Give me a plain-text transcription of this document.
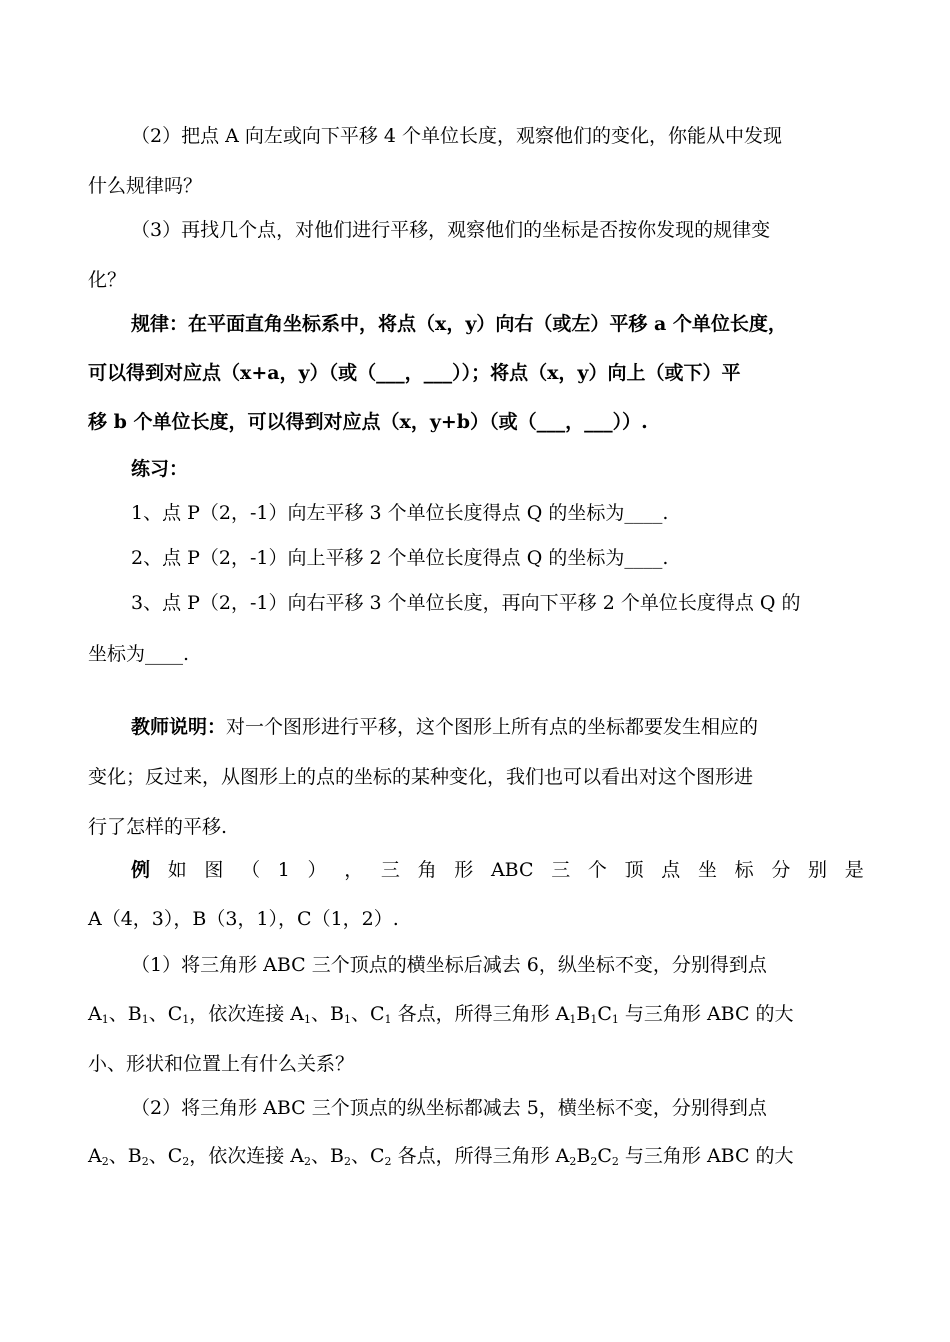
（2）把点 A 向左或向下平移 4 个单位长度，观察他们的变化，你能从中发现
什么规律吗？
（3）再找几个点，对他们进行平移，观察他们的坐标是否按你发现的规律变
化？
规律：在平面直角坐标系中，将点（x，y）向右（或左）平移 a 个单位长度，
可以得到对应点（x+a，y）（或（___，___））；将点（x，y）向上（或下）平
移 b 个单位长度，可以得到对应点（x，y+b）（或（___，___））.
练习：
1、点 P（2，-1）向左平移 3 个单位长度得点 Q 的坐标为____.
2、点 P（2，-1）向上平移 2 个单位长度得点 Q 的坐标为____.
3、点 P（2，-1）向右平移 3 个单位长度，再向下平移 2 个单位长度得点 Q 的
坐标为____.
教师说明：对一个图形进行平移，这个图形上所有点的坐标都要发生相应的
变化；反过来，从图形上的点的坐标的某种变化，我们也可以看出对这个图形进
行了怎样的平移.
例 如 图 （ 1 ） ， 三 角 形 ABC 三 个 顶 点 坐 标 分 别 是
A（4，3），B（3，1），C（1，2）.
（1）将三角形 ABC 三个顶点的横坐标后减去 6，纵坐标不变，分别得到点
$A_1$、$B_1$、$C_1$，依次连接 $A_1$、$B_1$、$C_1$ 各点，所得三角形 $A_1B_1C_1$ 与三角形 ABC 的大
小、形状和位置上有什么关系？
（2）将三角形 ABC 三个顶点的纵坐标都减去 5，横坐标不变，分别得到点
$A_2$、$B_2$、$C_2$，依次连接 $A_2$、$B_2$、$C_2$ 各点，所得三角形 $A_2B_2C_2$ 与三角形 ABC 的大
